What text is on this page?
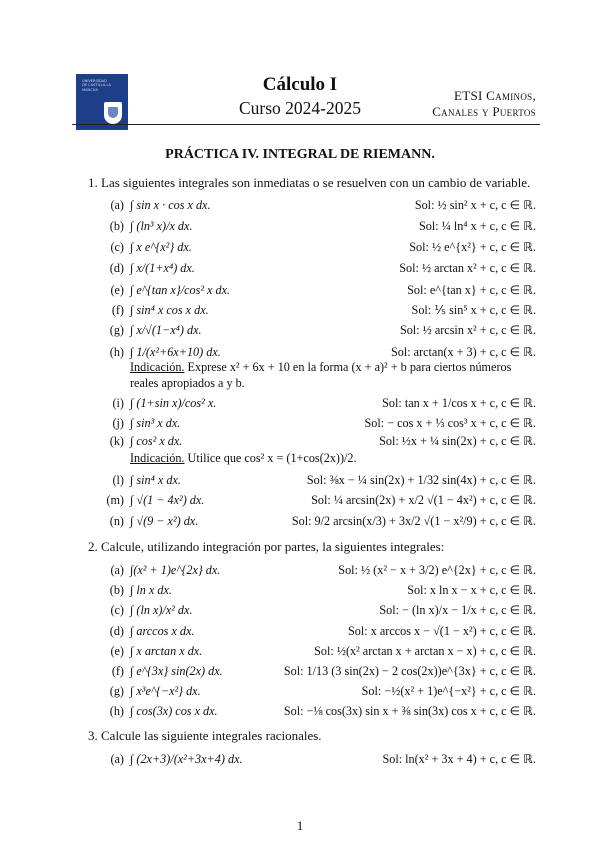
UNIVERSIDAD DE CASTILLA-LA MANCHA	Cálculo I
Curso 2024-2025
ETSI Caminos,
Canales y Puertos
PRÁCTICA IV. INTEGRAL DE RIEMANN.
1. Las siguientes integrales son inmediatas o se resuelven con un cambio de variable.
(a) ∫ sin x · cos x dx.	Sol: ½ sin² x + c, c ∈ ℝ.
(b) ∫ (ln³ x)/x dx.	Sol: ¼ ln⁴ x + c, c ∈ ℝ.
(c) ∫ x e^{x²} dx.	Sol: ½ e^{x²} + c, c ∈ ℝ.
(d) ∫ x/(1+x⁴) dx.	Sol: ½ arctan x² + c, c ∈ ℝ.
(e) ∫ e^{tan x}/cos² x dx.	Sol: e^{tan x} + c, c ∈ ℝ.
(f) ∫ sin⁴ x cos x dx.	Sol: ⅕ sin⁵ x + c, c ∈ ℝ.
(g) ∫ x/√(1−x⁴) dx.	Sol: ½ arcsin x² + c, c ∈ ℝ.
(h) ∫ 1/(x²+6x+10) dx.	Sol: arctan(x + 3) + c, c ∈ ℝ.
Indicación. Exprese x² + 6x + 10 en la forma (x + a)² + b para ciertos números
reales apropiados a y b.
(i) ∫ (1+sin x)/cos² x.	Sol: tan x + 1/cos x + c, c ∈ ℝ.
(j) ∫ sin³ x dx.	Sol: − cos x + ⅓ cos³ x + c, c ∈ ℝ.
(k) ∫ cos² x dx.	Sol: ½x + ¼ sin(2x) + c, c ∈ ℝ.
Indicación. Utilice que cos² x = (1+cos(2x))/2.
(l) ∫ sin⁴ x dx.	Sol: ⅜x − ¼ sin(2x) + 1/32 sin(4x) + c, c ∈ ℝ.
(m) ∫ √(1 − 4x²) dx.	Sol: ¼ arcsin(2x) + x/2 √(1 − 4x²) + c, c ∈ ℝ.
(n) ∫ √(9 − x²) dx.	Sol: 9/2 arcsin(x/3) + 3x/2 √(1 − x²/9) + c, c ∈ ℝ.
2. Calcule, utilizando integración por partes, la siguientes integrales:
(a) ∫(x² + 1)e^{2x} dx.	Sol: ½ (x² − x + 3/2) e^{2x} + c, c ∈ ℝ.
(b) ∫ ln x dx.	Sol: x ln x − x + c, c ∈ ℝ.
(c) ∫ (ln x)/x² dx.	Sol: − (ln x)/x − 1/x + c, c ∈ ℝ.
(d) ∫ arccos x dx.	Sol: x arccos x − √(1 − x²) + c, c ∈ ℝ.
(e) ∫ x arctan x dx.	Sol: ½(x² arctan x + arctan x − x) + c, c ∈ ℝ.
(f) ∫ e^{3x} sin(2x) dx.	Sol: 1/13 (3 sin(2x) − 2 cos(2x))e^{3x} + c, c ∈ ℝ.
(g) ∫ x³e^{−x²} dx.	Sol: −½(x² + 1)e^{−x²} + c, c ∈ ℝ.
(h) ∫ cos(3x) cos x dx.	Sol: −⅛ cos(3x) sin x + ⅜ sin(3x) cos x + c, c ∈ ℝ.
3. Calcule las siguiente integrales racionales.
(a) ∫ (2x+3)/(x²+3x+4) dx.	Sol: ln(x² + 3x + 4) + c, c ∈ ℝ.
1
